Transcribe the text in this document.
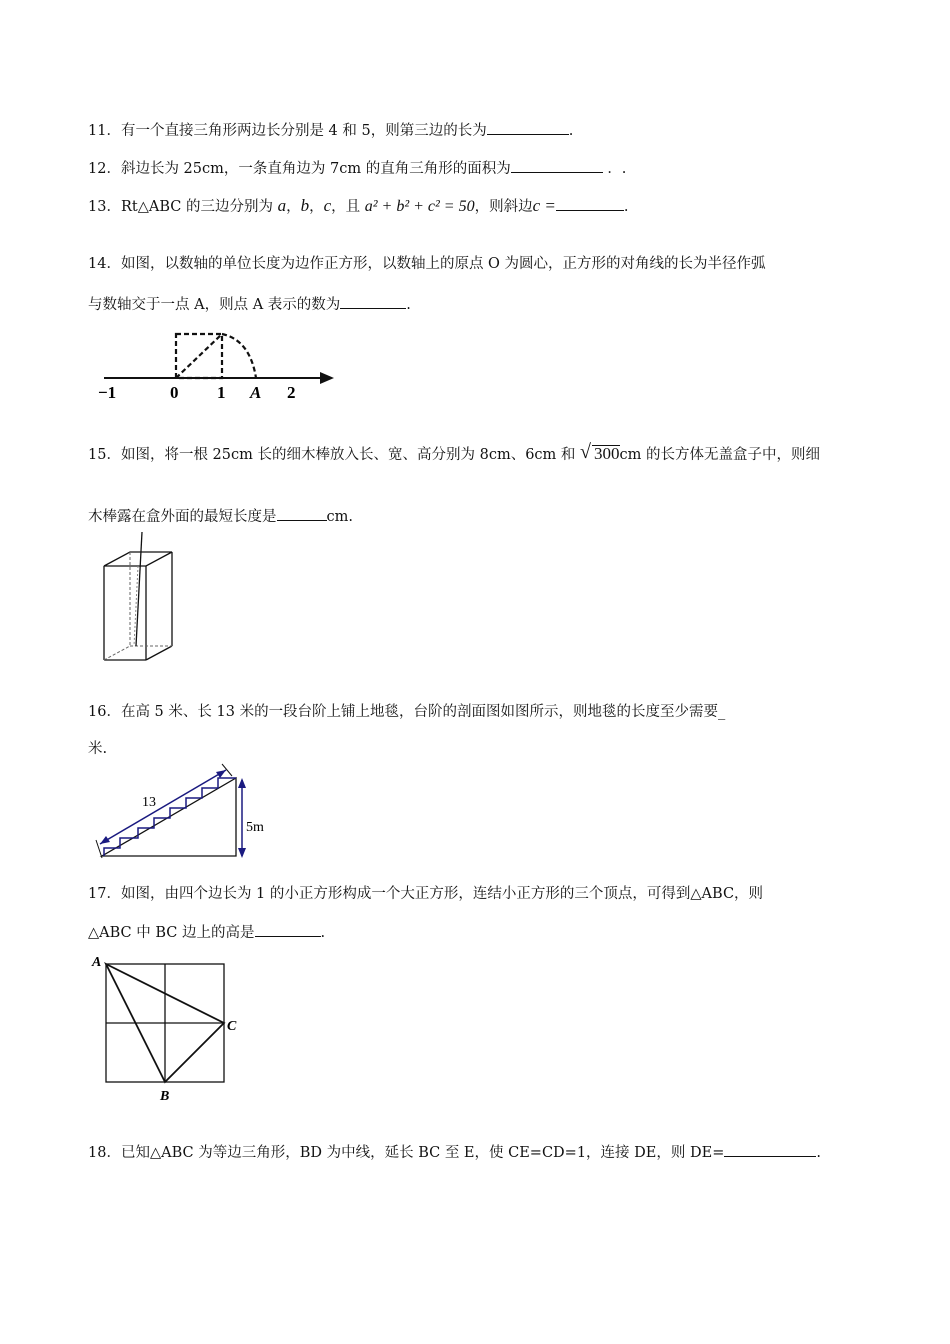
11．有一个直接三角形两边长分别是 4 和 5，则第三边的长为	.
12．斜边长为 25cm，一条直角边为 7cm 的直角三角形的面积为	．.
13．Rt△ABC 的三边分别为 a，b，c，且 a² + b² + c² = 50，则斜边c =	.
14．如图，以数轴的单位长度为边作正方形，以数轴上的原点 O 为圆心，正方形的对角线的长为半径作弧
与数轴交于一点 A，则点 A 表示的数为	.
−1	0 1 A 2
15．如图，将一根 25cm 长的细木棒放入长、宽、高分别为 8cm、6cm 和 √ 300cm 的长方体无盖盒子中，则细
木棒露在盒外面的最短长度是	cm.
16．在高 5 米、长 13 米的一段台阶上铺上地毯，台阶的剖面图如图所示，则地毯的长度至少需要_
米.
13
5m
17．如图，由四个边长为 1 的小正方形构成一个大正方形，连结小正方形的三个顶点，可得到△ABC，则
△ABC 中 BC 边上的高是	.
A
B
C
18．已知△ABC 为等边三角形，BD 为中线，延长 BC 至 E，使 CE=CD=1，连接 DE，则 DE=	.
